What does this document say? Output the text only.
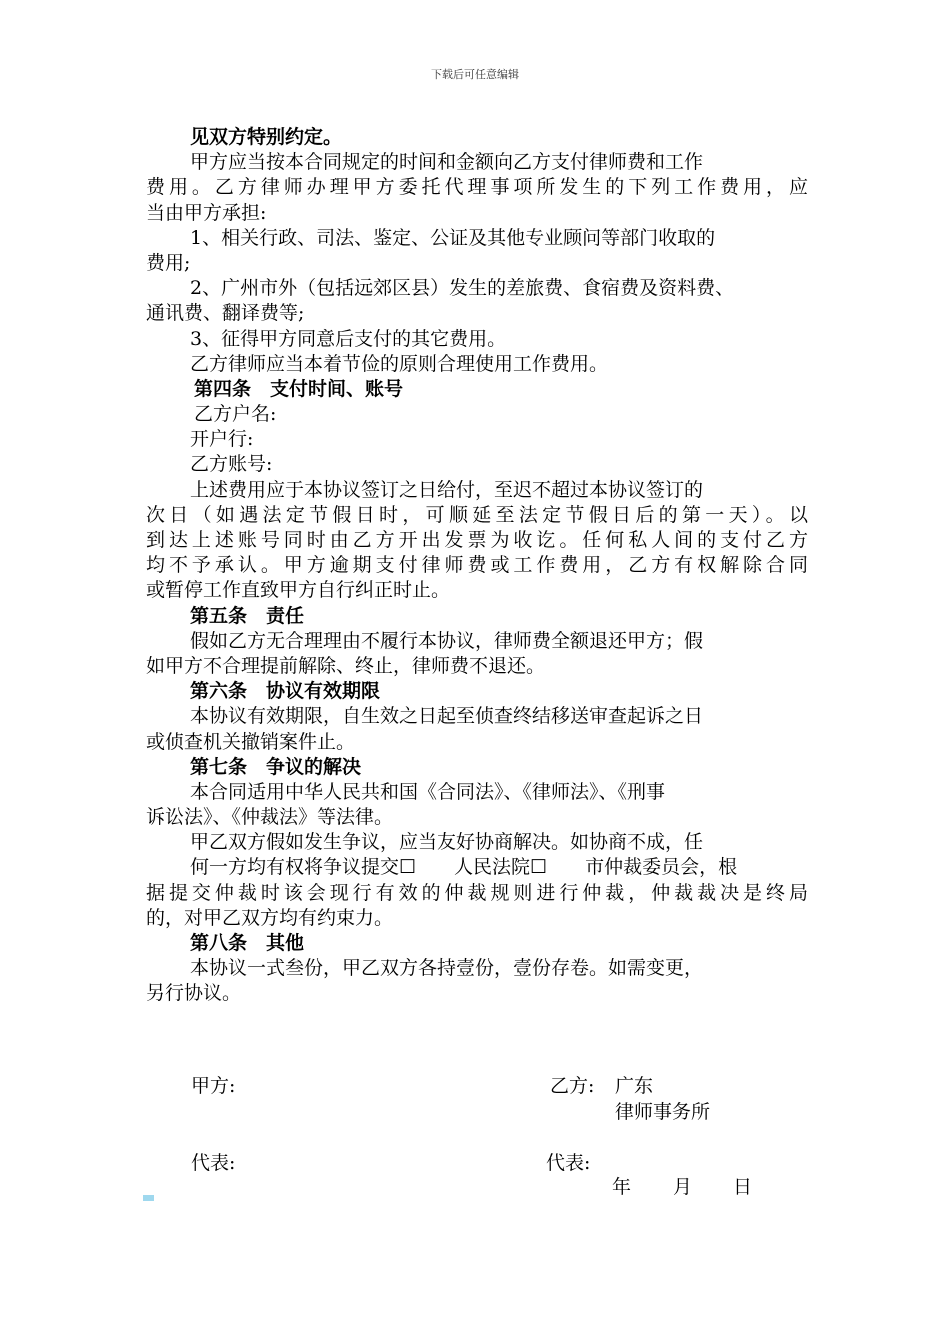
下载后可任意编辑
见双方特别约定。
甲方应当按本合同规定的时间和金额向乙方支付律师费和工作
费用。乙方律师办理甲方委托代理事项所发生的下列工作费用，应
当由甲方承担:
1、相关行政、司法、鉴定、公证及其他专业顾问等部门收取的
费用;
2、广州市外（包括远郊区县）发生的差旅费、食宿费及资料费、
通讯费、翻译费等;
3、征得甲方同意后支付的其它费用。
乙方律师应当本着节俭的原则合理使用工作费用。
第四条　支付时间、账号
乙方户名:
开户行:
乙方账号:
上述费用应于本协议签订之日给付，至迟不超过本协议签订的
次日（如遇法定节假日时，可顺延至法定节假日后的第一天）。以
到达上述账号同时由乙方开出发票为收讫。任何私人间的支付乙方
均不予承认。甲方逾期支付律师费或工作费用，乙方有权解除合同
或暂停工作直致甲方自行纠正时止。
第五条　责任
假如乙方无合理理由不履行本协议，律师费全额退还甲方；假
如甲方不合理提前解除、终止，律师费不退还。
第六条　协议有效期限
本协议有效期限，自生效之日起至侦查终结移送审查起诉之日
或侦查机关撤销案件止。
第七条　争议的解决
本合同适用中华人民共和国《合同法》、《律师法》、《刑事
诉讼法》、《仲裁法》等法律。
甲乙双方假如发生争议，应当友好协商解决。如协商不成，任
何一方均有权将争议提交☐ 人民法院☐ 市仲裁委员会，根
据提交仲裁时该会现行有效的仲裁规则进行仲裁，仲裁裁决是终局
的，对甲乙双方均有约束力。
第八条　其他
本协议一式叁份，甲乙双方各持壹份，壹份存卷。如需变更，
另行协议。
甲方:	乙方: 广东
律师事务所
代表:	代表:
年 月 日
